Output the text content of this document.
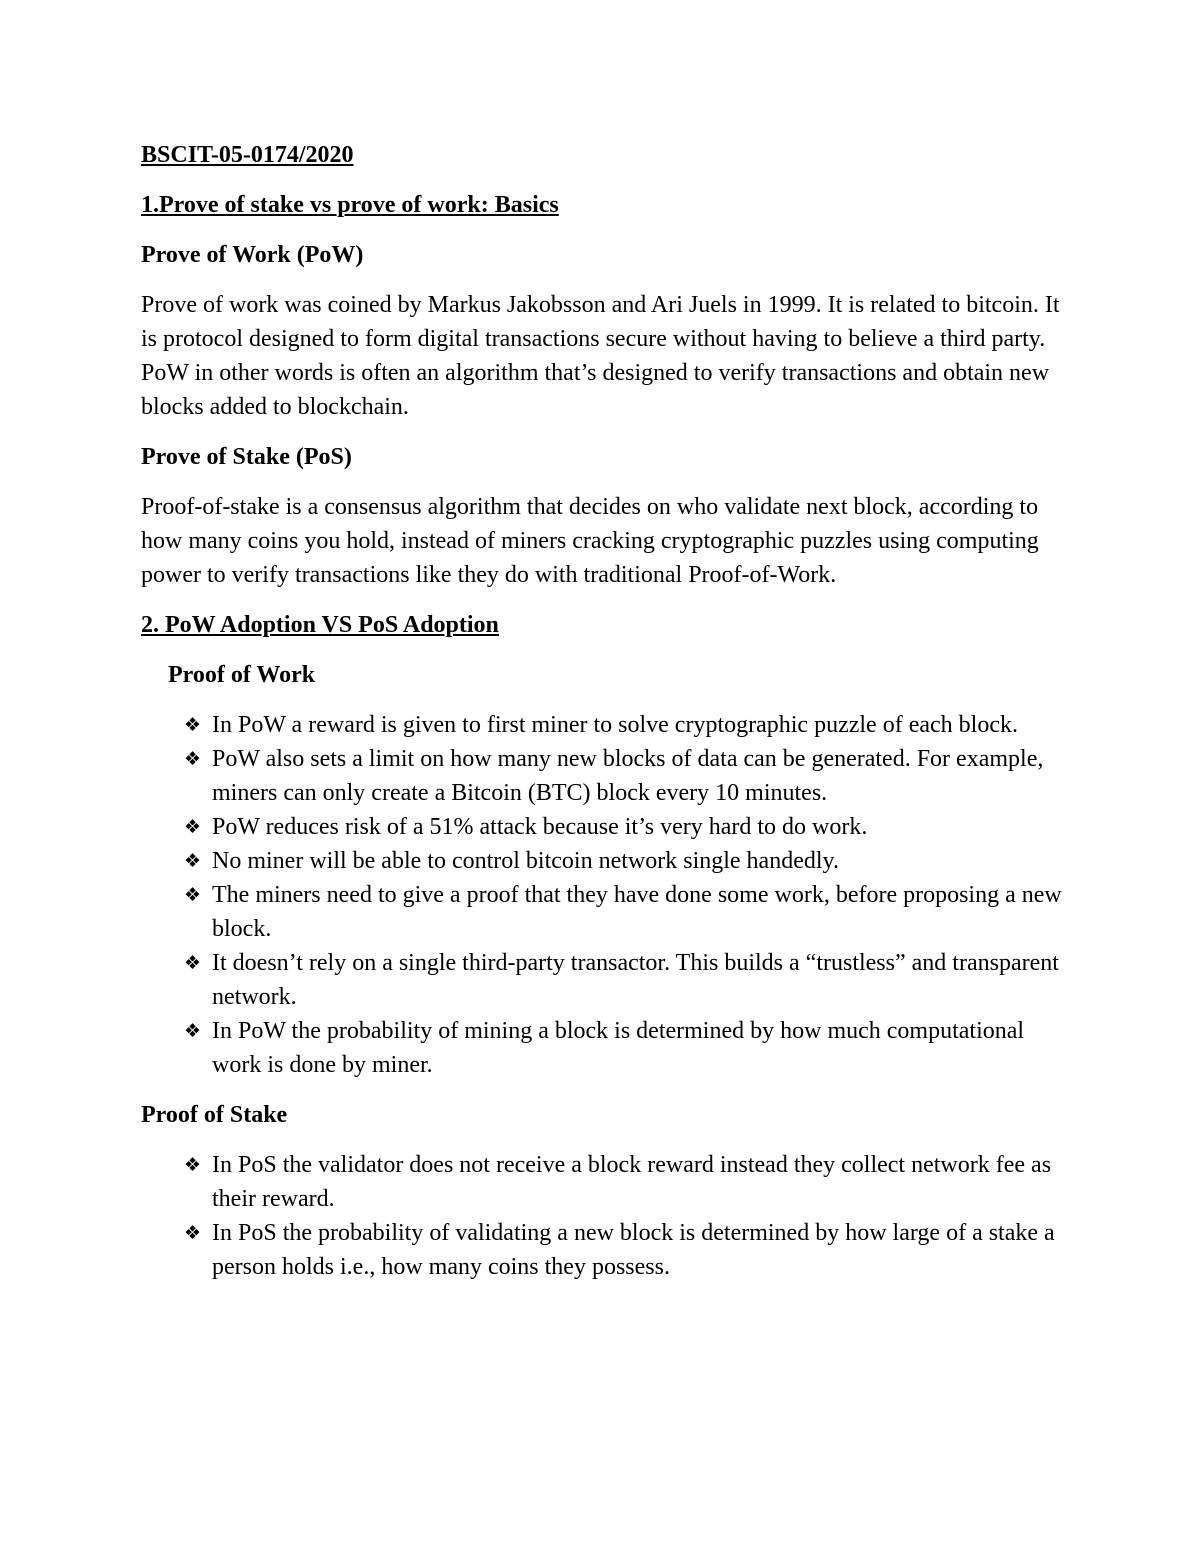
BSCIT-05-0174/2020

1.Prove of stake vs prove of work: Basics

Prove of Work (PoW)

Prove of work was coined by Markus Jakobsson and Ari Juels in 1999. It is related to bitcoin. It is protocol designed to form digital transactions secure without having to believe a third party. PoW in other words is often an algorithm that’s designed to verify transactions and obtain new blocks added to blockchain.

Prove of Stake (PoS)

Proof-of-stake is a consensus algorithm that decides on who validate next block, according to how many coins you hold, instead of miners cracking cryptographic puzzles using computing power to verify transactions like they do with traditional Proof-of-Work.

2. PoW Adoption VS PoS Adoption

Proof of Work

❖ In PoW a reward is given to first miner to solve cryptographic puzzle of each block.
❖ PoW also sets a limit on how many new blocks of data can be generated. For example, miners can only create a Bitcoin (BTC) block every 10 minutes.
❖ PoW reduces risk of a 51% attack because it’s very hard to do work.
❖ No miner will be able to control bitcoin network single handedly.
❖ The miners need to give a proof that they have done some work, before proposing a new block.
❖ It doesn’t rely on a single third-party transactor. This builds a “trustless” and transparent network.
❖ In PoW the probability of mining a block is determined by how much computational work is done by miner.

Proof of Stake

❖ In PoS the validator does not receive a block reward instead they collect network fee as their reward.
❖ In PoS the probability of validating a new block is determined by how large of a stake a person holds i.e., how many coins they possess.
